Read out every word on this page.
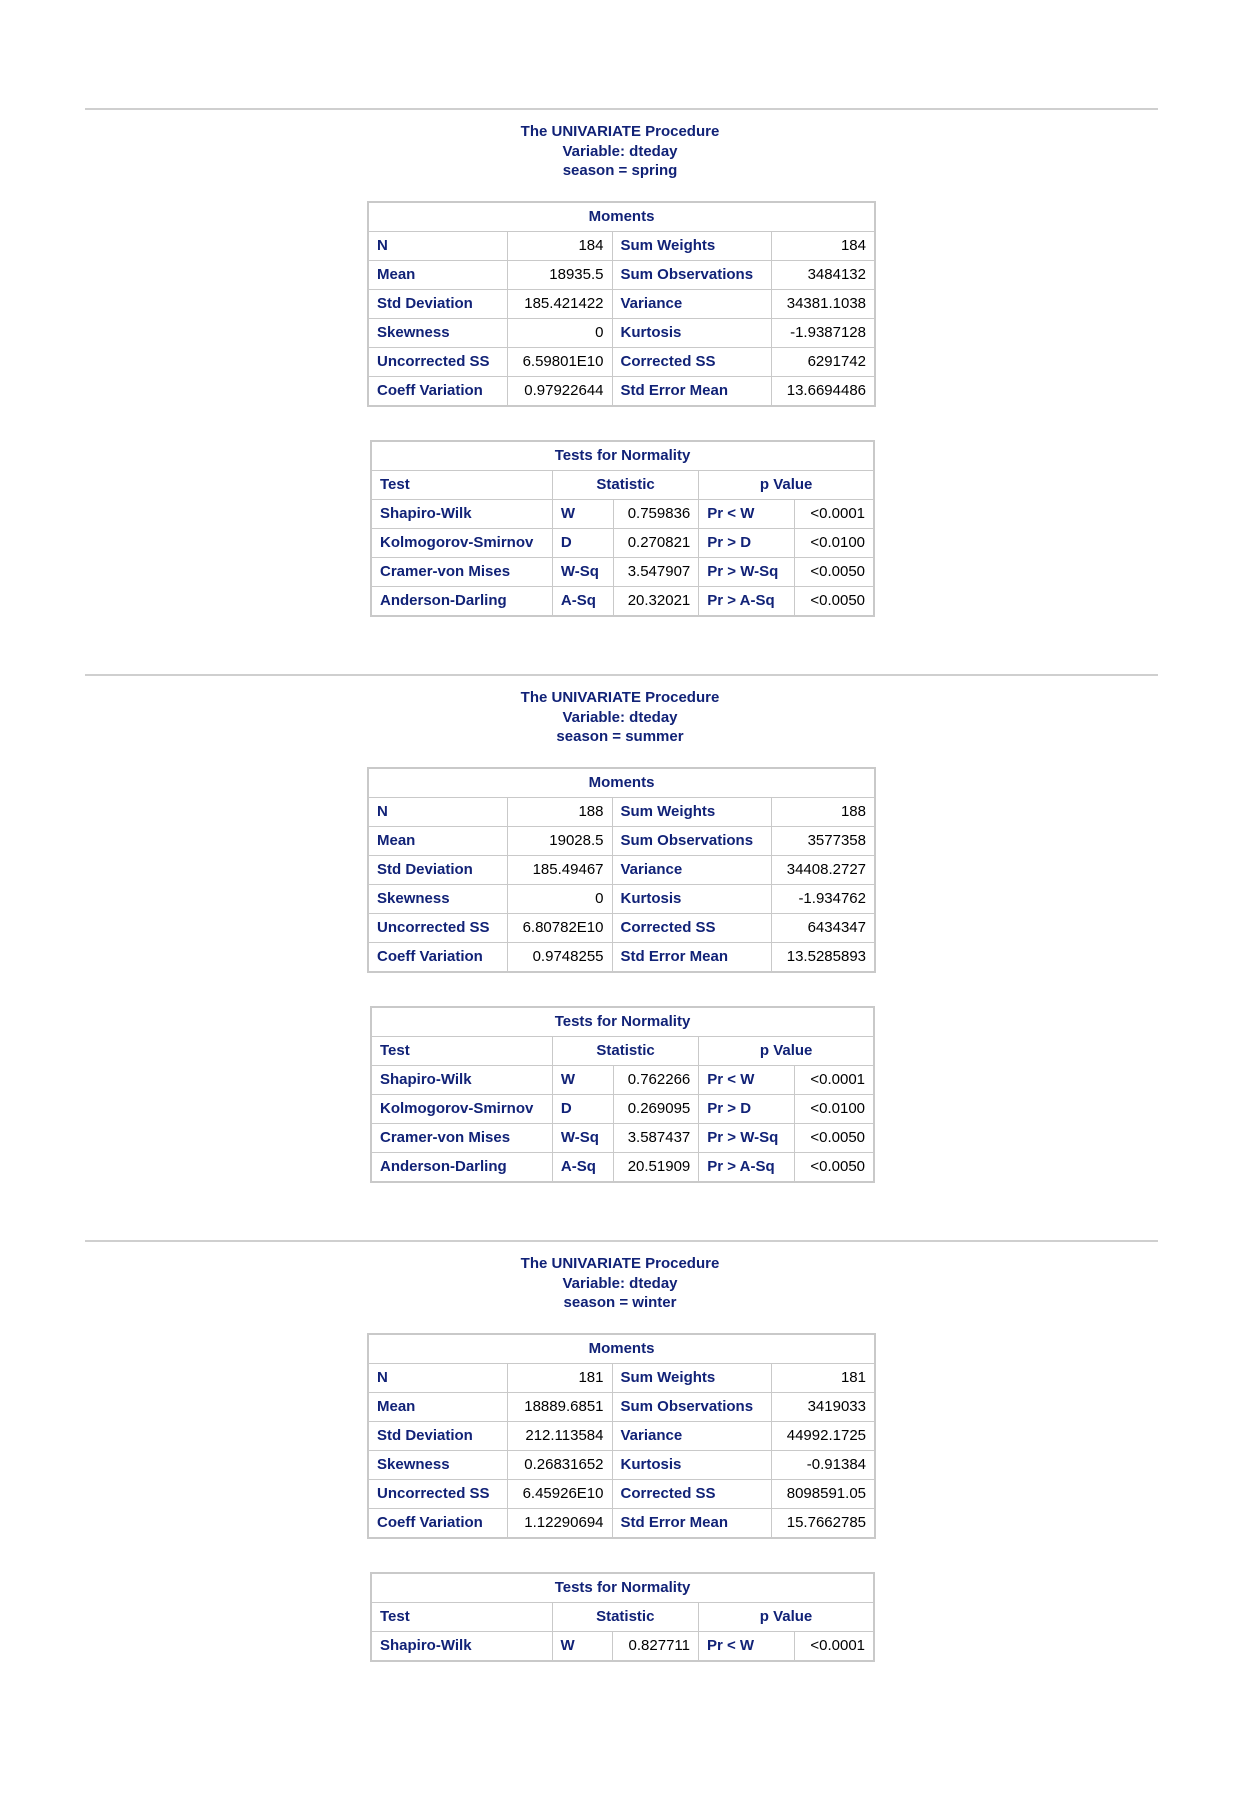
The UNIVARIATE Procedure
Variable: dteday
season = spring
Moments			
N	184	Sum Weights	184
Mean	18935.5	Sum Observations	3484132
Std Deviation	185.421422	Variance	34381.1038
Skewness	0	Kurtosis	-1.9387128
Uncorrected SS	6.59801E10	Corrected SS	6291742
Coeff Variation	0.97922644	Std Error Mean	13.6694486
Tests for Normality				
Test	Statistic		p Value	
Shapiro-Wilk	W	0.759836	Pr < W	<0.0001
Kolmogorov-Smirnov	D	0.270821	Pr > D	<0.0100
Cramer-von Mises	W-Sq	3.547907	Pr > W-Sq	<0.0050
Anderson-Darling	A-Sq	20.32021	Pr > A-Sq	<0.0050
The UNIVARIATE Procedure
Variable: dteday
season = summer
Moments			
N	188	Sum Weights	188
Mean	19028.5	Sum Observations	3577358
Std Deviation	185.49467	Variance	34408.2727
Skewness	0	Kurtosis	-1.934762
Uncorrected SS	6.80782E10	Corrected SS	6434347
Coeff Variation	0.9748255	Std Error Mean	13.5285893
Tests for Normality				
Test	Statistic		p Value	
Shapiro-Wilk	W	0.762266	Pr < W	<0.0001
Kolmogorov-Smirnov	D	0.269095	Pr > D	<0.0100
Cramer-von Mises	W-Sq	3.587437	Pr > W-Sq	<0.0050
Anderson-Darling	A-Sq	20.51909	Pr > A-Sq	<0.0050
The UNIVARIATE Procedure
Variable: dteday
season = winter
Moments			
N	181	Sum Weights	181
Mean	18889.6851	Sum Observations	3419033
Std Deviation	212.113584	Variance	44992.1725
Skewness	0.26831652	Kurtosis	-0.91384
Uncorrected SS	6.45926E10	Corrected SS	8098591.05
Coeff Variation	1.12290694	Std Error Mean	15.7662785
Tests for Normality				
Test	Statistic		p Value	
Shapiro-Wilk	W	0.827711	Pr < W	<0.0001
